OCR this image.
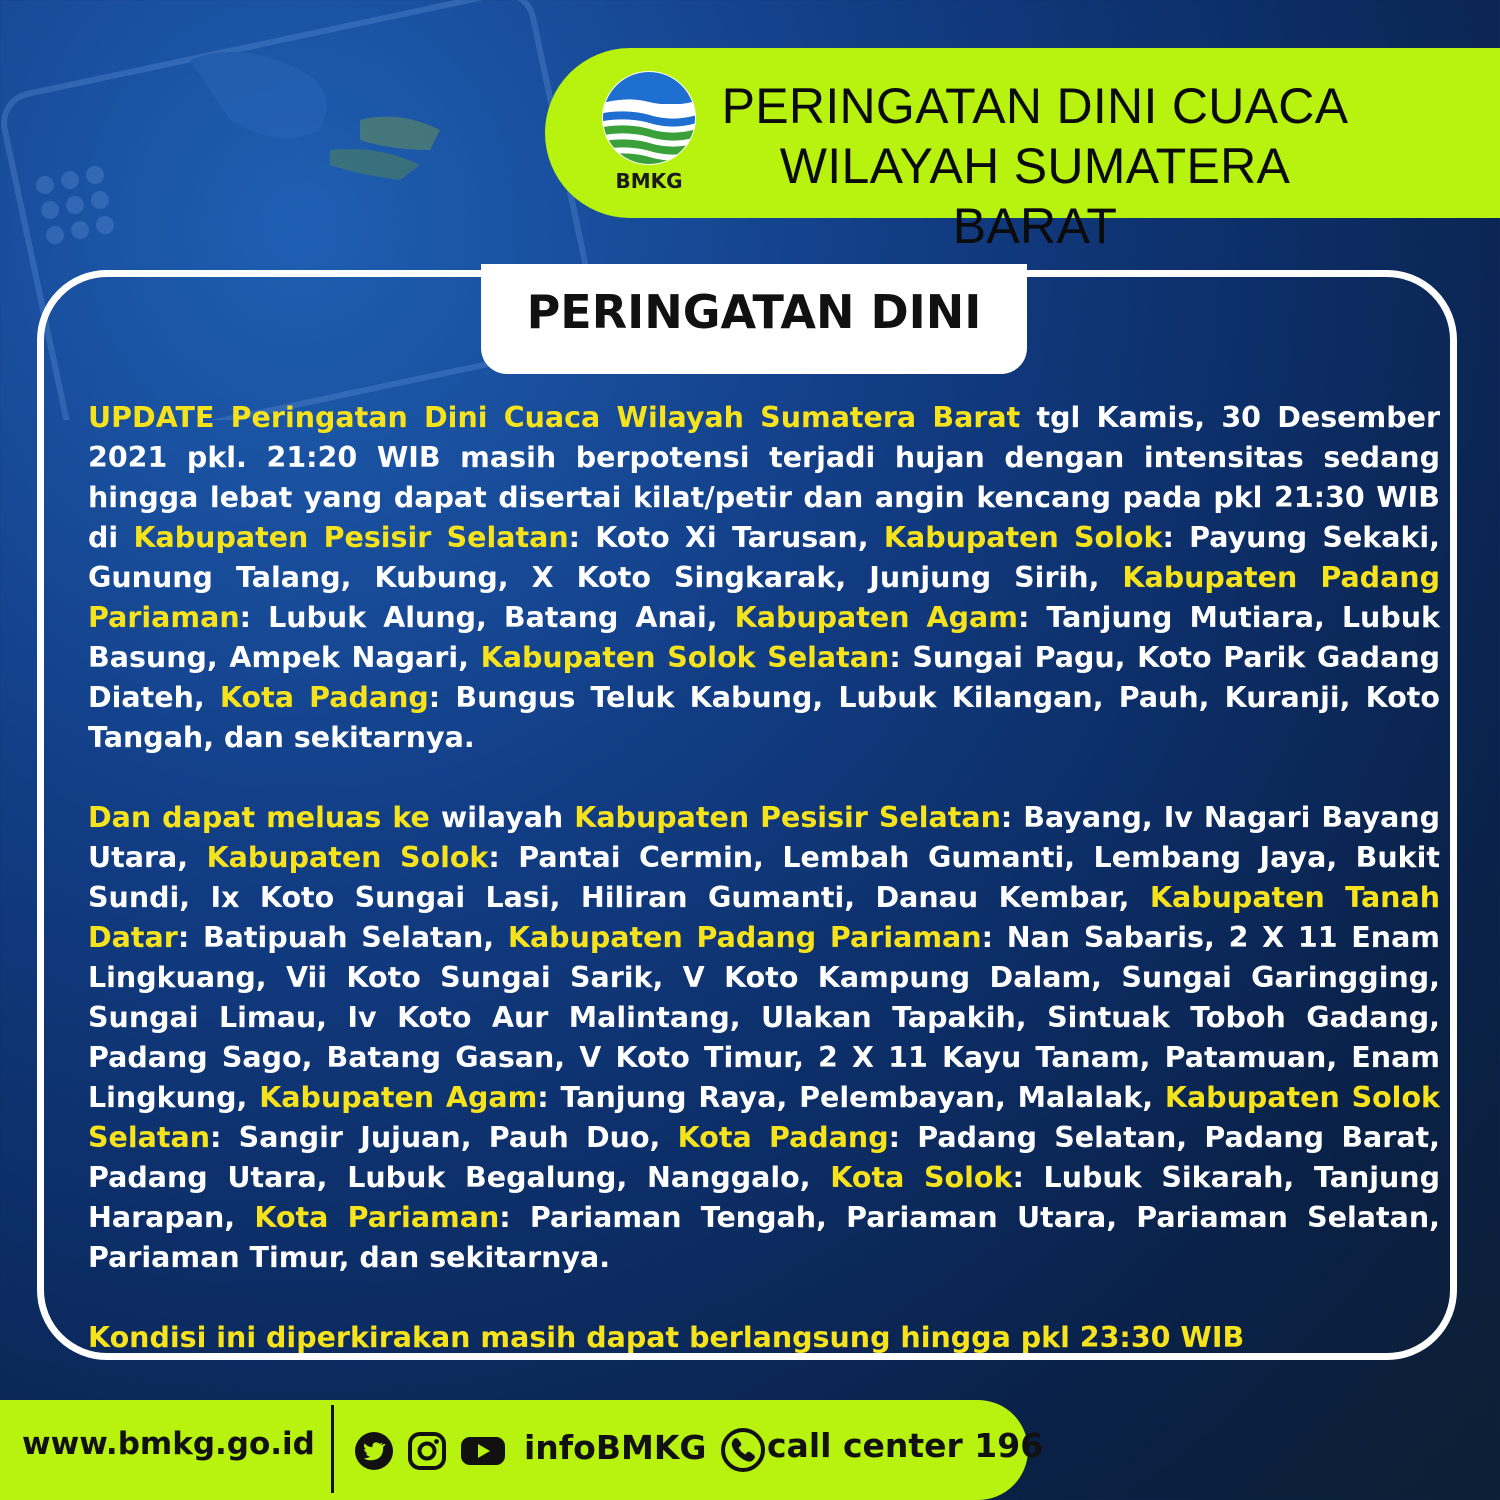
BMKG
PERINGATAN DINI CUACA
WILAYAH SUMATERA BARAT
PERINGATAN DINI

UPDATE Peringatan Dini Cuaca Wilayah Sumatera Barat tgl Kamis, 30 Desember 2021 pkl. 21:20 WIB masih berpotensi terjadi hujan dengan intensitas sedang hingga lebat yang dapat disertai kilat/petir dan angin kencang pada pkl 21:30 WIB di Kabupaten Pesisir Selatan: Koto Xi Tarusan, Kabupaten Solok: Payung Sekaki, Gunung Talang, Kubung, X Koto Singkarak, Junjung Sirih, Kabupaten Padang Pariaman: Lubuk Alung, Batang Anai, Kabupaten Agam: Tanjung Mutiara, Lubuk Basung, Ampek Nagari, Kabupaten Solok Selatan: Sungai Pagu, Koto Parik Gadang Diateh, Kota Padang: Bungus Teluk Kabung, Lubuk Kilangan, Pauh, Kuranji, Koto Tangah, dan sekitarnya.

Dan dapat meluas ke wilayah Kabupaten Pesisir Selatan: Bayang, Iv Nagari Bayang Utara, Kabupaten Solok: Pantai Cermin, Lembah Gumanti, Lembang Jaya, Bukit Sundi, Ix Koto Sungai Lasi, Hiliran Gumanti, Danau Kembar, Kabupaten Tanah Datar: Batipuah Selatan, Kabupaten Padang Pariaman: Nan Sabaris, 2 X 11 Enam Lingkuang, Vii Koto Sungai Sarik, V Koto Kampung Dalam, Sungai Garingging, Sungai Limau, Iv Koto Aur Malintang, Ulakan Tapakih, Sintuak Toboh Gadang, Padang Sago, Batang Gasan, V Koto Timur, 2 X 11 Kayu Tanam, Patamuan, Enam Lingkung, Kabupaten Agam: Tanjung Raya, Pelembayan, Malalak, Kabupaten Solok Selatan: Sangir Jujuan, Pauh Duo, Kota Padang: Padang Selatan, Padang Barat, Padang Utara, Lubuk Begalung, Nanggalo, Kota Solok: Lubuk Sikarah, Tanjung Harapan, Kota Pariaman: Pariaman Tengah, Pariaman Utara, Pariaman Selatan, Pariaman Timur, dan sekitarnya.

Kondisi ini diperkirakan masih dapat berlangsung hingga pkl 23:30 WIB

www.bmkg.go.id	infoBMKG call center 196
